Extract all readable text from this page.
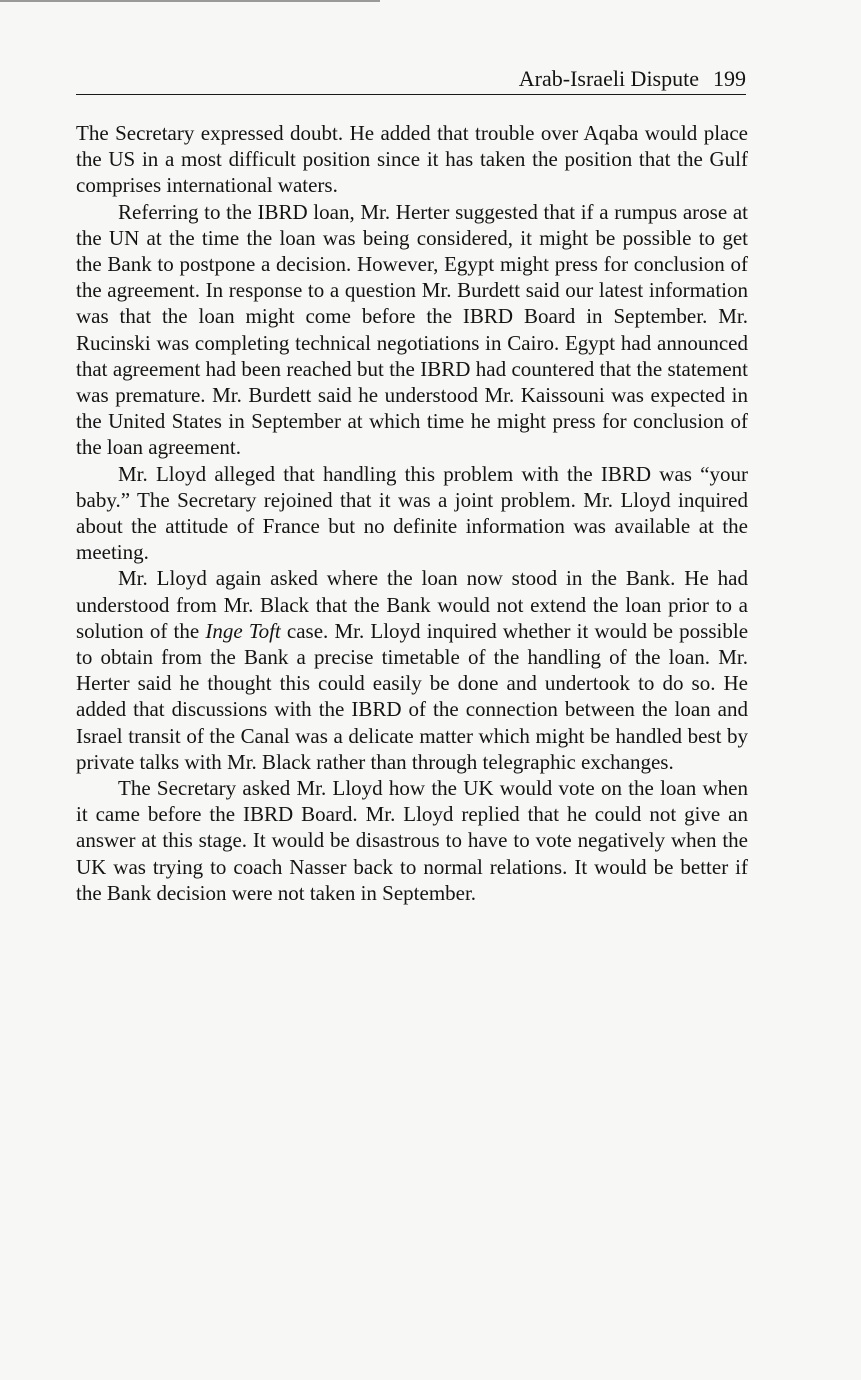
Arab-Israeli Dispute 199

The Secretary expressed doubt. He added that trouble over Aqaba would place the US in a most difficult position since it has taken the position that the Gulf comprises international waters.

Referring to the IBRD loan, Mr. Herter suggested that if a rumpus arose at the UN at the time the loan was being considered, it might be possible to get the Bank to postpone a decision. However, Egypt might press for conclusion of the agreement. In response to a question Mr. Burdett said our latest information was that the loan might come before the IBRD Board in September. Mr. Rucinski was completing technical negotiations in Cairo. Egypt had announced that agreement had been reached but the IBRD had countered that the statement was premature. Mr. Burdett said he understood Mr. Kaissouni was expected in the United States in September at which time he might press for conclusion of the loan agreement.

Mr. Lloyd alleged that handling this problem with the IBRD was “your baby.” The Secretary rejoined that it was a joint problem. Mr. Lloyd inquired about the attitude of France but no definite information was available at the meeting.

Mr. Lloyd again asked where the loan now stood in the Bank. He had understood from Mr. Black that the Bank would not extend the loan prior to a solution of the Inge Toft case. Mr. Lloyd inquired whether it would be possible to obtain from the Bank a precise timetable of the handling of the loan. Mr. Herter said he thought this could easily be done and undertook to do so. He added that discussions with the IBRD of the connection between the loan and Israel transit of the Canal was a delicate matter which might be handled best by private talks with Mr. Black rather than through telegraphic exchanges.

The Secretary asked Mr. Lloyd how the UK would vote on the loan when it came before the IBRD Board. Mr. Lloyd replied that he could not give an answer at this stage. It would be disastrous to have to vote negatively when the UK was trying to coach Nasser back to normal relations. It would be better if the Bank decision were not taken in September.
